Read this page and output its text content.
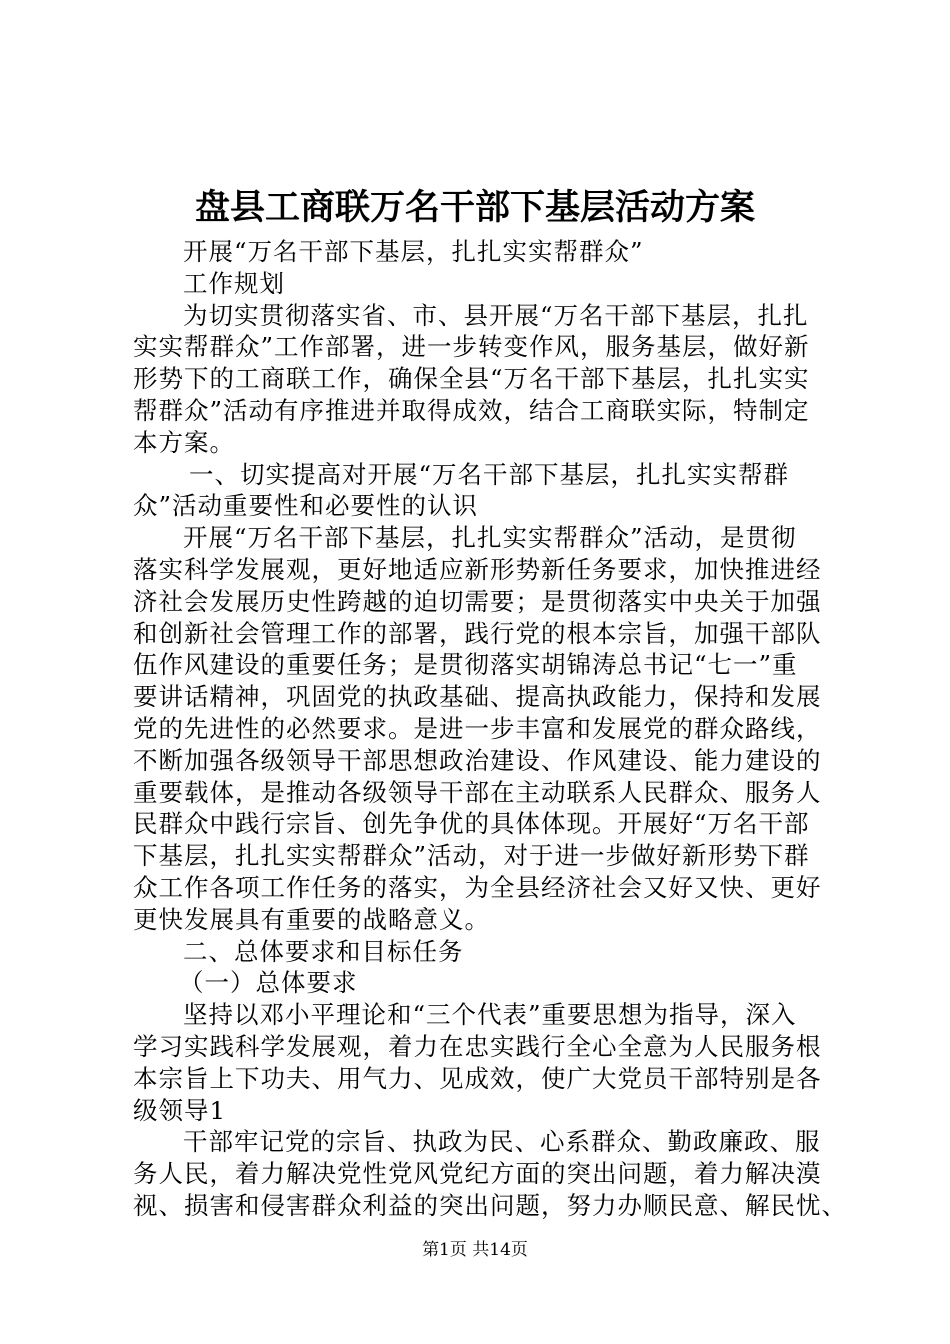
盘县工商联万名干部下基层活动方案
开展“万名干部下基层，扎扎实实帮群众”
工作规划
为切实贯彻落实省、市、县开展“万名干部下基层，扎扎
实实帮群众”工作部署，进一步转变作风，服务基层，做好新
形势下的工商联工作，确保全县“万名干部下基层，扎扎实实
帮群众”活动有序推进并取得成效，结合工商联实际，特制定
本方案。
一、切实提高对开展“万名干部下基层，扎扎实实帮群
众”活动重要性和必要性的认识
开展“万名干部下基层，扎扎实实帮群众”活动，是贯彻
落实科学发展观，更好地适应新形势新任务要求，加快推进经
济社会发展历史性跨越的迫切需要；是贯彻落实中央关于加强
和创新社会管理工作的部署，践行党的根本宗旨，加强干部队
伍作风建设的重要任务；是贯彻落实胡锦涛总书记“七一”重
要讲话精神，巩固党的执政基础、提高执政能力，保持和发展
党的先进性的必然要求。是进一步丰富和发展党的群众路线，
不断加强各级领导干部思想政治建设、作风建设、能力建设的
重要载体，是推动各级领导干部在主动联系人民群众、服务人
民群众中践行宗旨、创先争优的具体体现。开展好“万名干部
下基层，扎扎实实帮群众”活动，对于进一步做好新形势下群
众工作各项工作任务的落实，为全县经济社会又好又快、更好
更快发展具有重要的战略意义。
二、总体要求和目标任务
（一）总体要求
坚持以邓小平理论和“三个代表”重要思想为指导，深入
学习实践科学发展观，着力在忠实践行全心全意为人民服务根
本宗旨上下功夫、用气力、见成效，使广大党员干部特别是各
级领导1
干部牢记党的宗旨、执政为民、心系群众、勤政廉政、服
务人民，着力解决党性党风党纪方面的突出问题，着力解决漠
视、损害和侵害群众利益的突出问题，努力办顺民意、解民忧、
第1页 共14页
